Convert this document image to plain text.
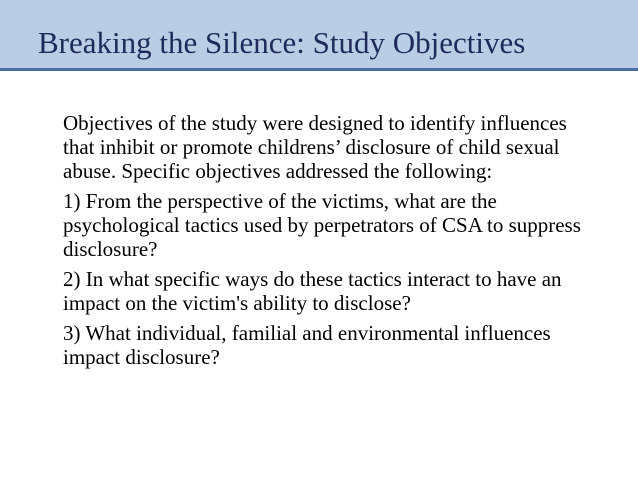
Breaking the Silence: Study Objectives

Objectives of the study were designed to identify influences that inhibit or promote childrens’ disclosure of child sexual abuse. Specific objectives addressed the following:

1) From the perspective of the victims, what are the psychological tactics used by perpetrators of CSA to suppress disclosure?

2) In what specific ways do these tactics interact to have an impact on the victim's ability to disclose?

3) What individual, familial and environmental influences impact disclosure?
